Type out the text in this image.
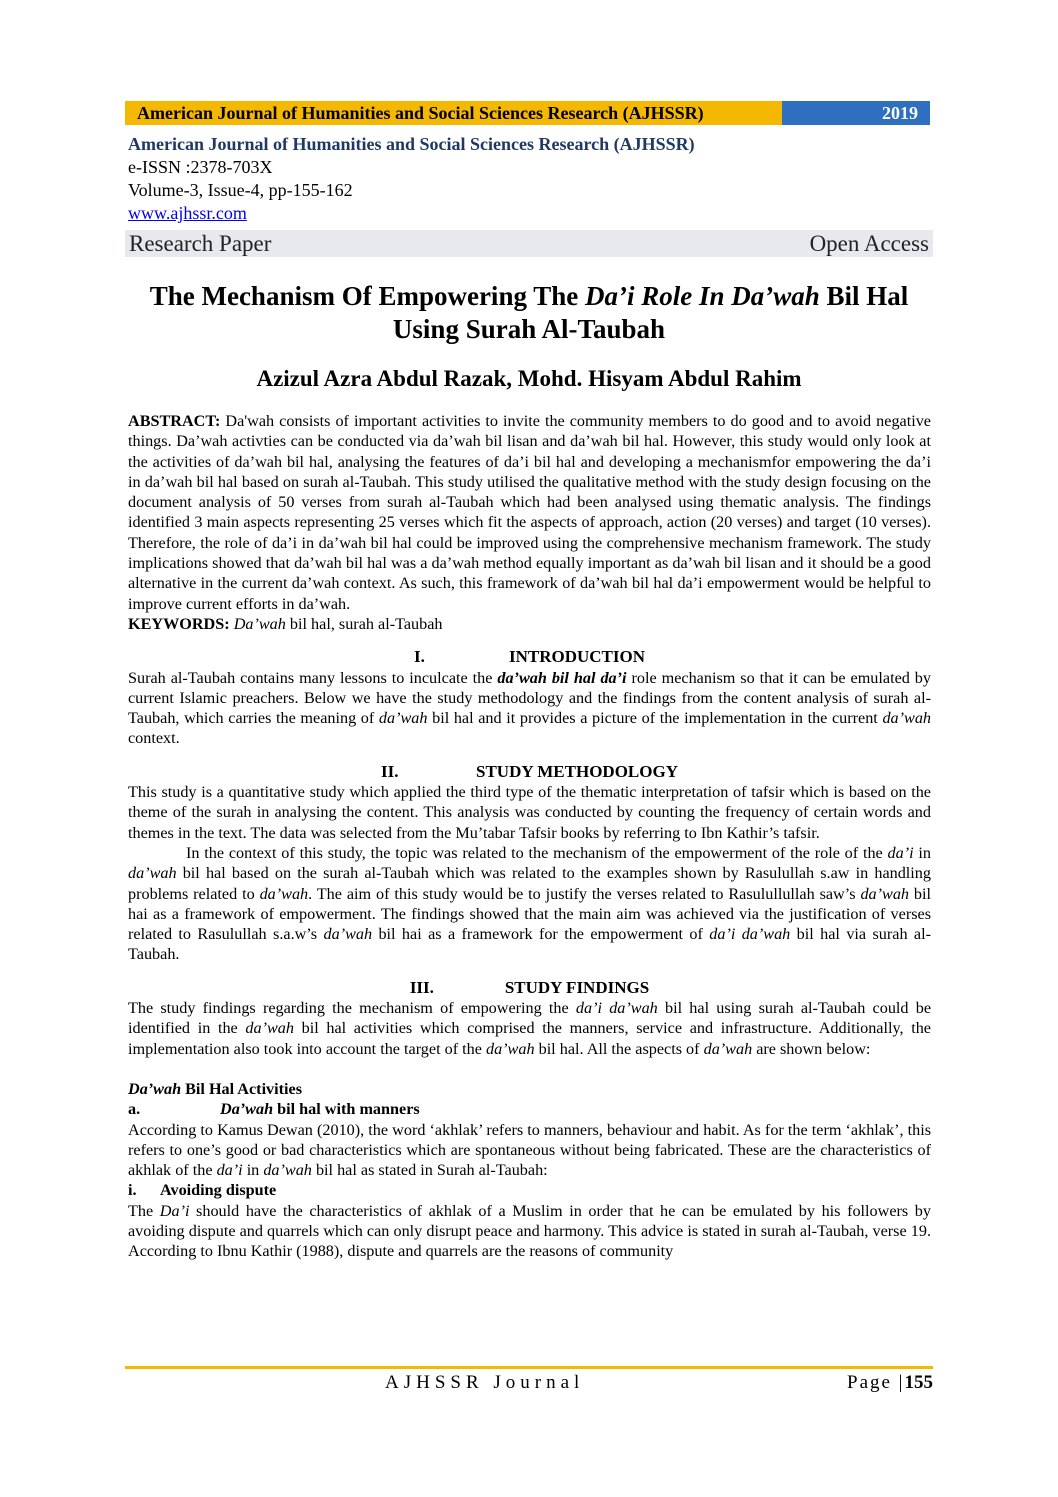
American Journal of Humanities and Social Sciences Research (AJHSSR)	2019
American Journal of Humanities and Social Sciences Research (AJHSSR)
e-ISSN :2378-703X
Volume-3, Issue-4, pp-155-162
www.ajhssr.com
Research Paper	Open Access
The Mechanism Of Empowering The Da’i Role In Da’wah Bil Hal Using Surah Al-Taubah
Azizul Azra Abdul Razak, Mohd. Hisyam Abdul Rahim

ABSTRACT: Da'wah consists of important activities to invite the community members to do good and to avoid negative things. Da’wah activties can be conducted via da’wah bil lisan and da’wah bil hal. However, this study would only look at the activities of da’wah bil hal, analysing the features of da’i bil hal and developing a mechanismfor empowering the da’i in da’wah bil hal based on surah al-Taubah. This study utilised the qualitative method with the study design focusing on the document analysis of 50 verses from surah al-Taubah which had been analysed using thematic analysis. The findings identified 3 main aspects representing 25 verses which fit the aspects of approach, action (20 verses) and target (10 verses). Therefore, the role of da’i in da’wah bil hal could be improved using the comprehensive mechanism framework. The study implications showed that da’wah bil hal was a da’wah method equally important as da’wah bil lisan and it should be a good alternative in the current da’wah context. As such, this framework of da’wah bil hal da’i empowerment would be helpful to improve current efforts in da’wah.

KEYWORDS: Da’wah bil hal, surah al-Taubah

I.	INTRODUCTION

Surah al-Taubah contains many lessons to inculcate the da’wah bil hal da’i role mechanism so that it can be emulated by current Islamic preachers. Below we have the study methodology and the findings from the content analysis of surah al-Taubah, which carries the meaning of da’wah bil hal and it provides a picture of the implementation in the current da’wah context.

II.	STUDY METHODOLOGY

This study is a quantitative study which applied the third type of the thematic interpretation of tafsir which is based on the theme of the surah in analysing the content. This analysis was conducted by counting the frequency of certain words and themes in the text. The data was selected from the Mu’tabar Tafsir books by referring to Ibn Kathir’s tafsir.

In the context of this study, the topic was related to the mechanism of the empowerment of the role of the da’i in da’wah bil hal based on the surah al-Taubah which was related to the examples shown by Rasulullah s.aw in handling problems related to da’wah. The aim of this study would be to justify the verses related to Rasulullullah saw’s da’wah bil hai as a framework of empowerment. The findings showed that the main aim was achieved via the justification of verses related to Rasulullah s.a.w’s da’wah bil hai as a framework for the empowerment of da’i da’wah bil hal via surah al-Taubah.

III.	STUDY FINDINGS

The study findings regarding the mechanism of empowering the da’i da’wah bil hal using surah al-Taubah could be identified in the da’wah bil hal activities which comprised the manners, service and infrastructure. Additionally, the implementation also took into account the target of the da’wah bil hal. All the aspects of da’wah are shown below:

Da’wah Bil Hal Activities

a.	Da’wah bil hal with manners

According to Kamus Dewan (2010), the word ‘akhlak’ refers to manners, behaviour and habit. As for the term ‘akhlak’, this refers to one’s good or bad characteristics which are spontaneous without being fabricated. These are the characteristics of akhlak of the da’i in da’wah bil hal as stated in Surah al-Taubah:

i. Avoiding dispute

The Da’i should have the characteristics of akhlak of a Muslim in order that he can be emulated by his followers by avoiding dispute and quarrels which can only disrupt peace and harmony. This advice is stated in surah al-Taubah, verse 19. According to Ibnu Kathir (1988), dispute and quarrels are the reasons of community

AJHSSR Journal	Page |155
